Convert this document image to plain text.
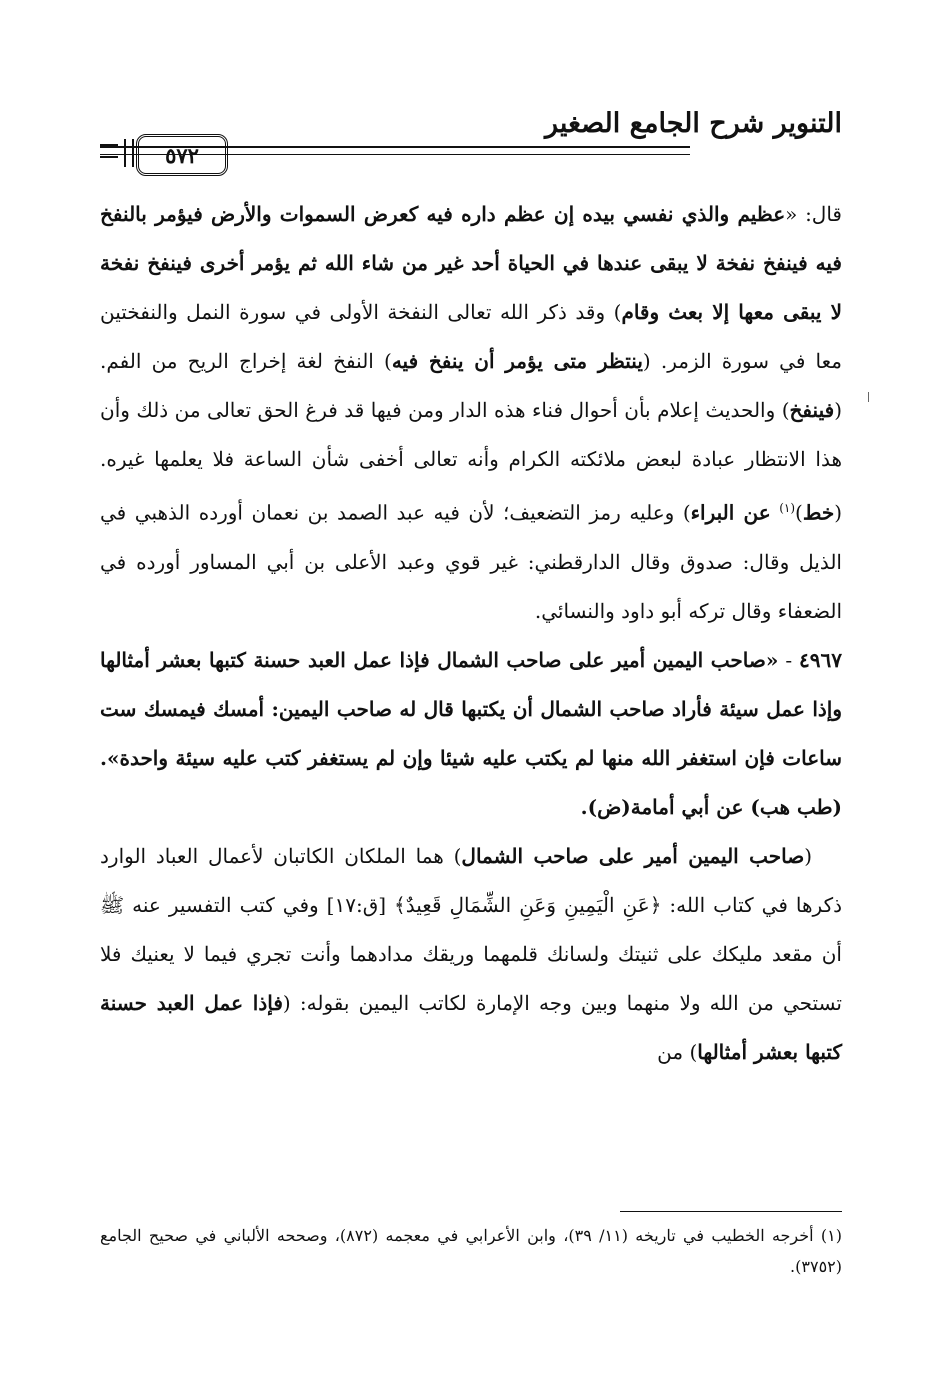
التنوير شرح الجامع الصغير
٥٧٢

قال: «عظيم والذي نفسي بيده إن عظم داره فيه كعرض السموات والأرض فيؤمر بالنفخ فيه فينفخ نفخة لا يبقى عندها في الحياة أحد غير من شاء الله ثم يؤمر أخرى فينفخ نفخة لا يبقى معها إلا بعث وقام) وقد ذكر الله تعالى النفخة الأولى في سورة النمل والنفختين معا في سورة الزمر. (ينتظر متى يؤمر أن ينفخ فيه) النفخ لغة إخراج الريح من الفم. (فينفخ) والحديث إعلام بأن أحوال فناء هذه الدار ومن فيها قد فرغ الحق تعالى من ذلك وأن هذا الانتظار عبادة لبعض ملائكته الكرام وأنه تعالى أخفى شأن الساعة فلا يعلمها غيره. (خط)$^{(١)}$ عن البراء) وعليه رمز التضعيف؛ لأن فيه عبد الصمد بن نعمان أورده الذهبي في الذيل وقال: صدوق وقال الدارقطني: غير قوي وعبد الأعلى بن أبي المساور أورده في الضعفاء وقال تركه أبو داود والنسائي.

٤٩٦٧ - «صاحب اليمين أمير على صاحب الشمال فإذا عمل العبد حسنة كتبها بعشر أمثالها وإذا عمل سيئة فأراد صاحب الشمال أن يكتبها قال له صاحب اليمين: أمسك فيمسك ست ساعات فإن استغفر الله منها لم يكتب عليه شيئا وإن لم يستغفر كتب عليه سيئة واحدة». (طب هب) عن أبي أمامة(ض).

(صاحب اليمين أمير على صاحب الشمال) هما الملكان الكاتبان لأعمال العباد الوارد ذكرها في كتاب الله: ﴿عَنِ الْيَمِينِ وَعَنِ الشِّمَالِ قَعِيدٌ﴾ [ق:١٧] وفي كتب التفسير عنه ﷺ أن مقعد مليكك على ثنيتك ولسانك قلمهما وريقك مدادهما وأنت تجري فيما لا يعنيك فلا تستحي من الله ولا منهما وبين وجه الإمارة لكاتب اليمين بقوله: (فإذا عمل العبد حسنة كتبها بعشر أمثالها) من

(١) أخرجه الخطيب في تاريخه (١١/ ٣٩)، وابن الأعرابي في معجمه (٨٧٢)، وصححه الألباني في صحيح الجامع (٣٧٥٢).
